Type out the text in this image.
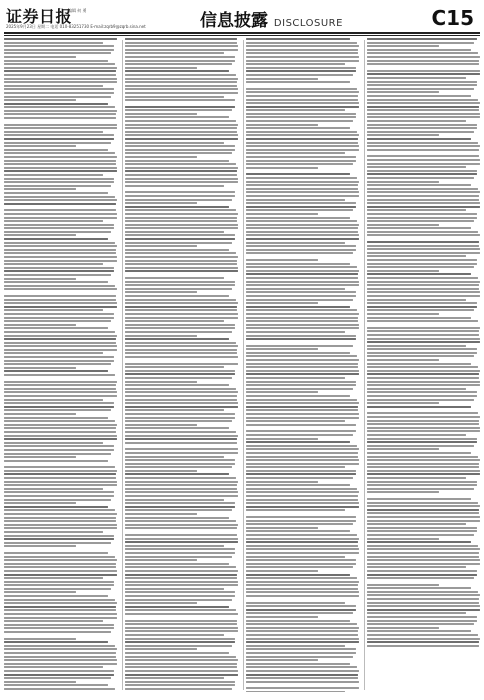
证券日报
编辑 何 勇
2025年9月23日 星期二 电话 010-83251730 E-mail:zqrb9@zqrb.sina.net	信息披露 DISCLOSURE	C15
